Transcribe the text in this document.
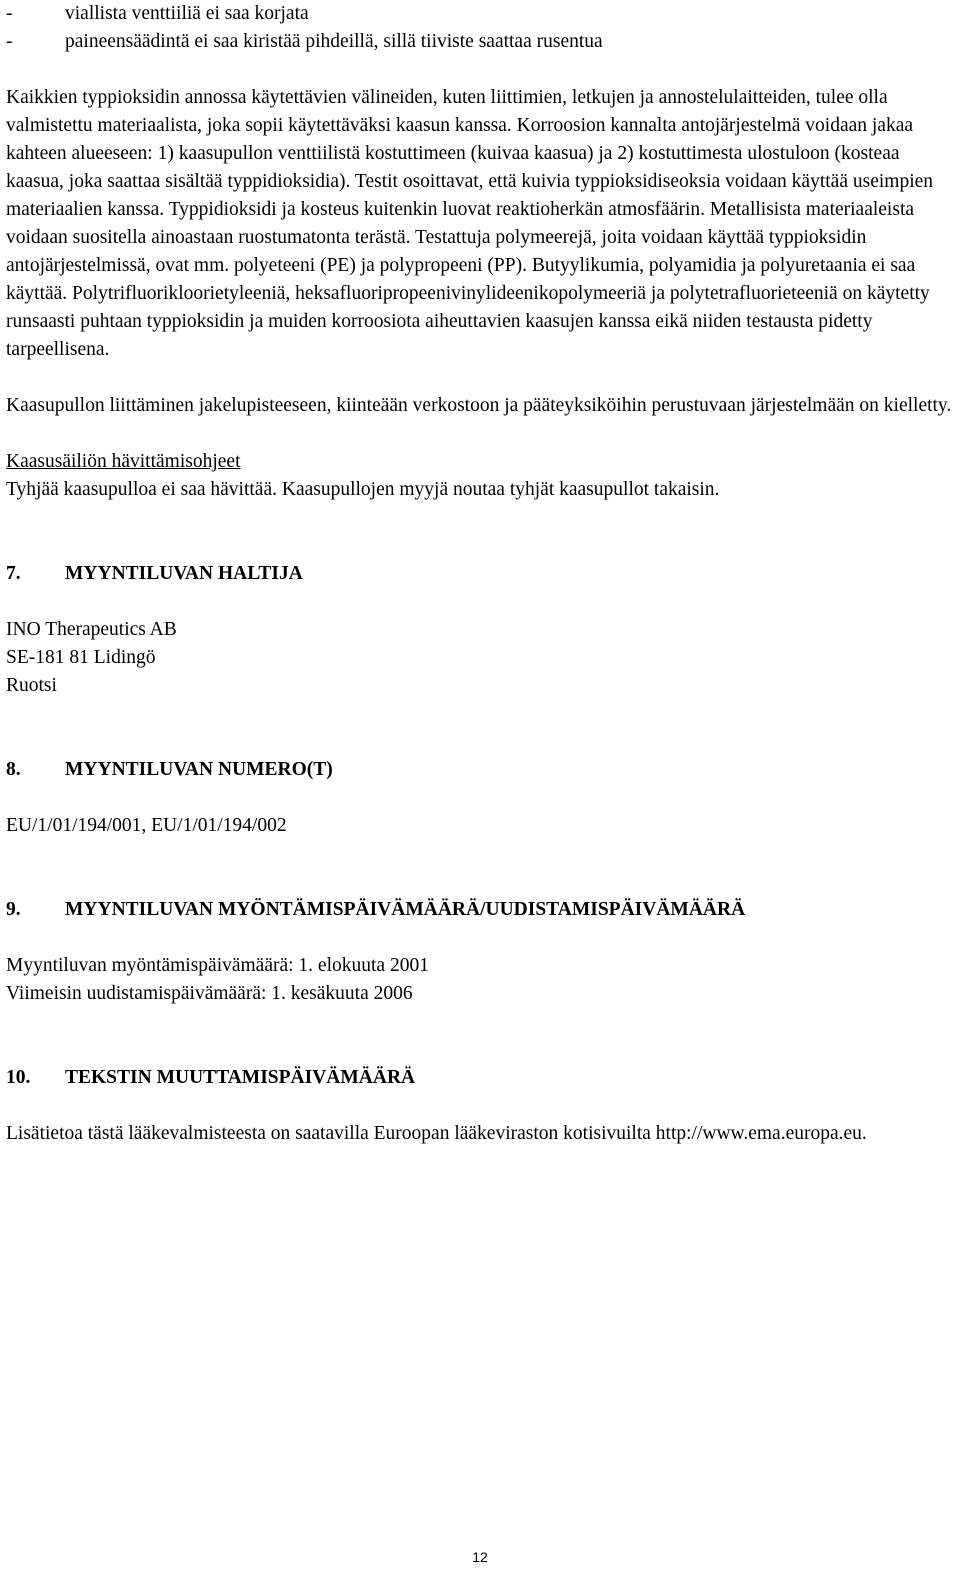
-	viallista venttiiliä ei saa korjata
-	paineensäädintä ei saa kiristää pihdeillä, sillä tiiviste saattaa rusentua

Kaikkien typpioksidin annossa käytettävien välineiden, kuten liittimien, letkujen ja annostelulaitteiden, tulee olla valmistettu materiaalista, joka sopii käytettäväksi kaasun kanssa. Korroosion kannalta antojärjestelmä voidaan jakaa kahteen alueeseen: 1) kaasupullon venttiilistä kostuttimeen (kuivaa kaasua) ja 2) kostuttimesta ulostuloon (kosteaa kaasua, joka saattaa sisältää typpidioksidia). Testit osoittavat, että kuivia typpioksidiseoksia voidaan käyttää useimpien materiaalien kanssa. Typpidioksidi ja kosteus kuitenkin luovat reaktioherkän atmosfäärin. Metallisista materiaaleista voidaan suositella ainoastaan ruostumatonta terästä. Testattuja polymeerejä, joita voidaan käyttää typpioksidin antojärjestelmissä, ovat mm. polyeteeni (PE) ja polypropeeni (PP). Butyylikumia, polyamidia ja polyuretaania ei saa käyttää. Polytrifluorikloorietyleeniä, heksafluoripropeenivinylideenikopolymeeriä ja polytetrafluorieteeniä on käytetty runsaasti puhtaan typpioksidin ja muiden korroosiota aiheuttavien kaasujen kanssa eikä niiden testausta pidetty tarpeellisena.

Kaasupullon liittäminen jakelupisteeseen, kiinteään verkostoon ja pääteyksiköihin perustuvaan järjestelmään on kielletty.

Kaasusäiliön hävittämisohjeet

Tyhjää kaasupulloa ei saa hävittää. Kaasupullojen myyjä noutaa tyhjät kaasupullot takaisin.

7.	MYYNTILUVAN HALTIJA

INO Therapeutics AB

SE-181 81 Lidingö

Ruotsi

8.	MYYNTILUVAN NUMERO(T)

EU/1/01/194/001, EU/1/01/194/002

9.	MYYNTILUVAN MYÖNTÄMISPÄIVÄMÄÄRÄ/UUDISTAMISPÄIVÄMÄÄRÄ

Myyntiluvan myöntämispäivämäärä: 1. elokuuta 2001

Viimeisin uudistamispäivämäärä: 1. kesäkuuta 2006

10.	TEKSTIN MUUTTAMISPÄIVÄMÄÄRÄ

Lisätietoa tästä lääkevalmisteesta on saatavilla Euroopan lääkeviraston kotisivuilta http://www.ema.europa.eu.

12
